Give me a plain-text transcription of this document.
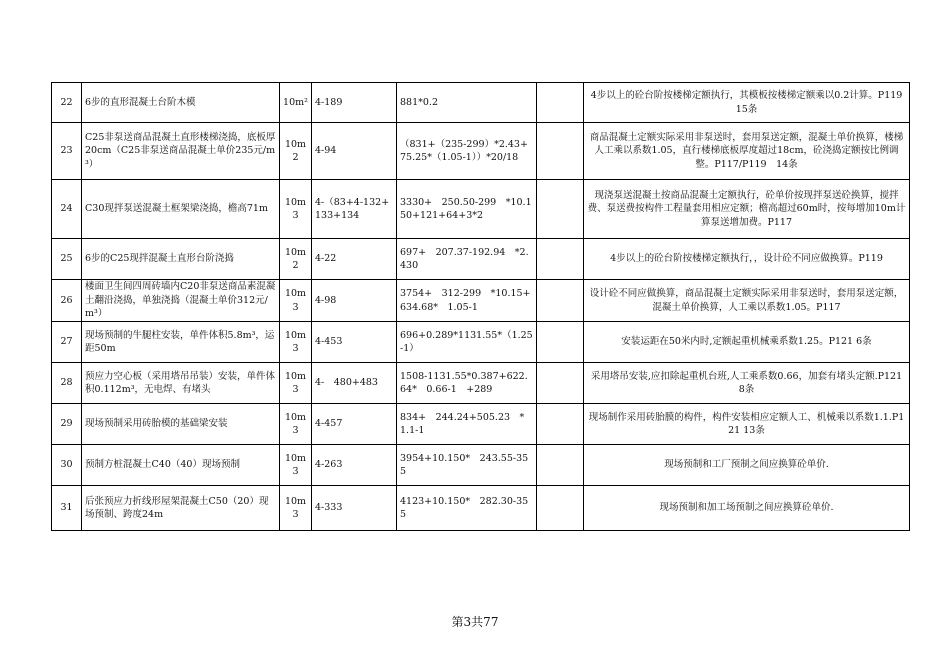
22	6步的直形混凝土台阶木模	10m²	4-189	881*0.2		4步以上的砼台阶按楼梯定额执行，其模板按楼梯定额乘以0.2计算。P119 15条
23	C25非泵送商品混凝土直形楼梯浇捣，底板厚20cm（C25非泵送商品混凝土单价235元/m³）	10m2	4-94	（831+（235-299）*2.43+75.25*（1.05-1））*20/18		商品混凝土定额实际采用非泵送时，套用泵送定额，混凝土单价换算，楼梯人工乘以系数1.05，直行楼梯底板厚度超过18cm，砼浇捣定额按比例调整。P117/P119　14条
24	C30现拌泵送混凝土框架梁浇捣，檐高71m	10m3	4-（83+4-132+133+134	3330+　250.50-299　*10.150+121+64+3*2		现浇泵送混凝土按商品混凝土定额执行，砼单价按现拌泵送砼换算，搅拌费、泵送费按构件工程量套用相应定额；檐高超过60m时，按每增加10m计算泵送增加费。P117
25	6步的C25现拌混凝土直形台阶浇捣	10m2	4-22	697+　207.37-192.94　*2.430		4步以上的砼台阶按楼梯定额执行，，设计砼不同应做换算。P119
26	楼面卫生间四周砖墙内C20非泵送商品素混凝土翻沿浇捣，单独浇捣（混凝土单价312元/m³）	10m3	4-98	3754+　312-299　*10.15+634.68*　1.05-1		设计砼不同应做换算，商品混凝土定额实际采用非泵送时，套用泵送定额，混凝土单价换算，人工乘以系数1.05。P117
27	现场预制的牛腿柱安装，单件体积5.8m³，运距50m	10m3	4-453	696+0.289*1131.55*（1.25-1）		安装运距在50米内时,定额起重机械乘系数1.25。P121 6条
28	预应力空心板（采用塔吊吊装）安装，单件体积0.112m³，无电焊、有堵头	10m3	4-　480+483	1508-1131.55*0.387+622.64*　0.66-1　+289		采用塔吊安装,应扣除起重机台班,人工乘系数0.66，加套有堵头定额.P121 8条
29	现场预制采用砖胎模的基础梁安装	10m3	4-457	834+　244.24+505.23　*　1.1-1		现场制作采用砖胎膜的构件，构件安装相应定额人工、机械乘以系数1.1.P121 13条
30	预制方桩混凝土C40（40）现场预制	10m3	4-263	3954+10.150*　243.55-355		现场预制和工厂预制之间应换算砼单价.
31	后张预应力折线形屋架混凝土C50（20）现场预制、跨度24m	10m3	4-333	4123+10.150*　282.30-355		现场预制和加工场预制之间应换算砼单价.
第3共77
